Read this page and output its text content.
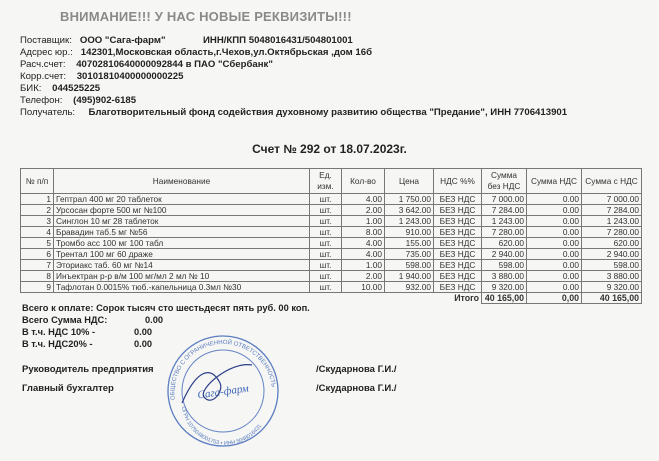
ВНИМАНИЕ!!! У НАС НОВЫЕ РЕКВИЗИТЫ!!!
Поставщик: ООО "Сага-фарм"	ИНН/КПП 5048016431/504801001
Адсрес юр.: 142301,Московская область,г.Чехов,ул.Октябрьская ,дом 16б
Расч.счет: 40702810640000092844 в ПАО "Сбербанк"
Корр.счет: 30101810400000000225
БИК: 044525225
Телефон: (495)902-6185
Получатель: Благотворительный фонд содействия духовному развитию общества "Предание", ИНН 7706413901
Счет № 292 от 18.07.2023г.
№ п/п	Наименование	Ед. изм.	Кол-во	Цена	НДС %%	Сумма без НДС	Сумма НДС	Сумма с НДС
1	Гептрал 400 мг 20 таблеток	шт.	4.00	1 750.00	БЕЗ НДС	7 000.00	0.00	7 000.00
2	Урсосан форте 500 мг №100	шт.	2.00	3 642.00	БЕЗ НДС	7 284.00	0.00	7 284.00
3	Синглон 10 мг 28 таблеток	шт.	1.00	1 243.00	БЕЗ НДС	1 243.00	0.00	1 243.00
4	Бравадин таб.5 мг №56	шт.	8.00	910.00	БЕЗ НДС	7 280.00	0.00	7 280.00
5	Тромбо асс 100 мг 100 табл	шт.	4.00	155.00	БЕЗ НДС	620.00	0.00	620.00
6	Трентал 100 мг 60 драже	шт.	4.00	735.00	БЕЗ НДС	2 940.00	0.00	2 940.00
7	Эториакс таб. 60 мг №14	шт.	1.00	598.00	БЕЗ НДС	598.00	0.00	598.00
8	Инъектран р-р в/м 100 мг/мл 2 мл № 10	шт.	2.00	1 940.00	БЕЗ НДС	3 880.00	0.00	3 880.00
9	Тафлотан 0.0015% тюб.-капельница 0.3мл №30	шт.	10.00	932.00	БЕЗ НДС	9 320.00	0.00	9 320.00
					Итого	40 165,00	0,00	40 165,00
Всего к оплате: Сорок тысяч сто шестьдесят пять руб. 00 коп.
Всего Сумма НДС:	0.00
В т.ч. НДС 10% -	0.00
В т.ч. НДС20% -	0.00
Руководитель предприятия	/Скударнова Г.И./
Главный бухгалтер	/Скударнова Г.И./
ОБЩЕСТВО С ОГРАНИЧЕННОЙ ОТВЕТСТВЕННОСТЬЮ
ОГРН 1075048001753 • ИНН 5048016431
Сага-фарм
